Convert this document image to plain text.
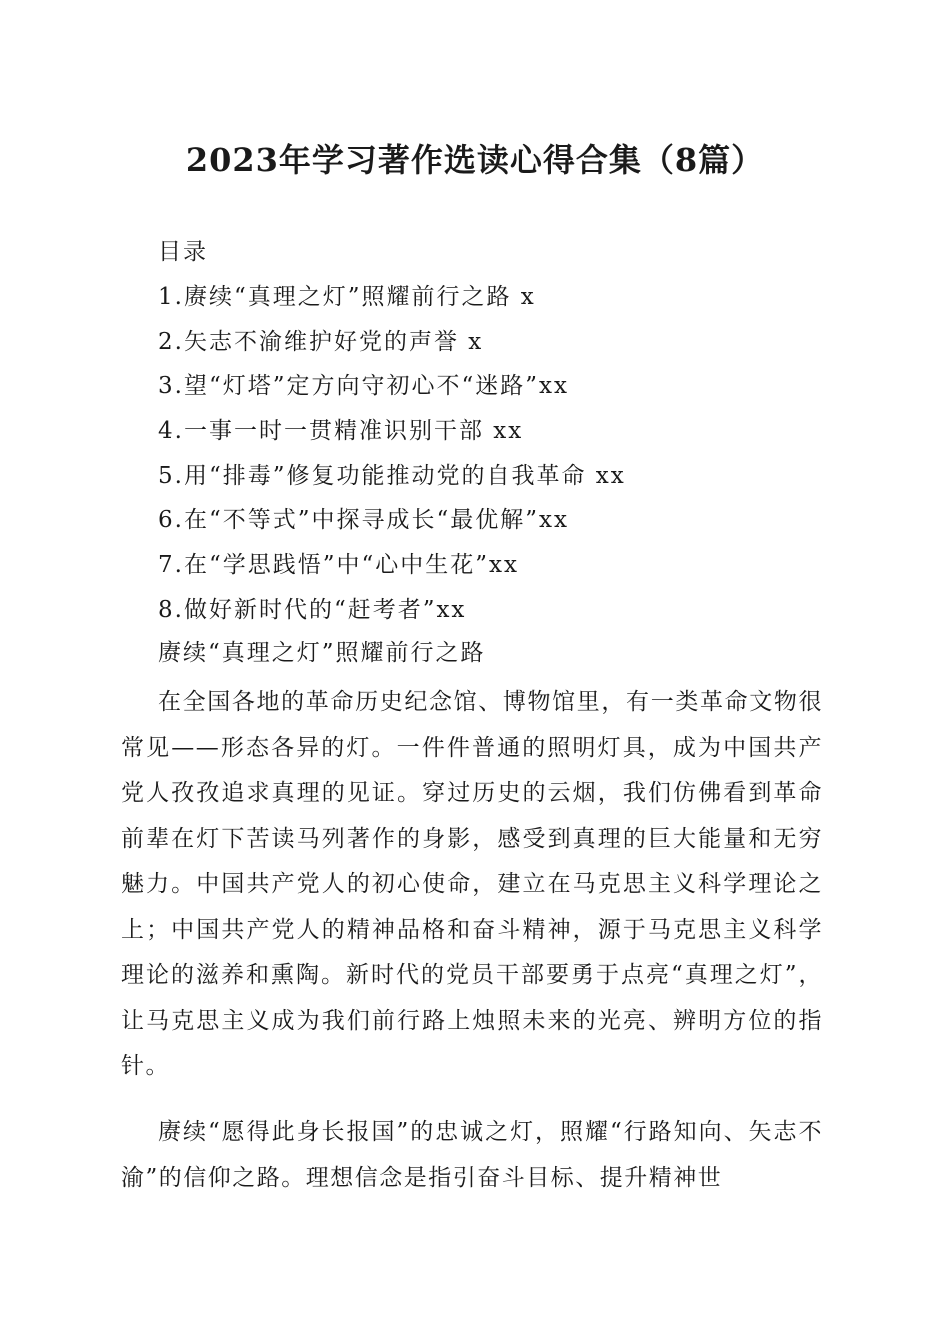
2023年学习著作选读心得合集（8篇）
目录
1.赓续“真理之灯”照耀前行之路 x
2.矢志不渝维护好党的声誉 x
3.望“灯塔”定方向守初心不“迷路”xx
4.一事一时一贯精准识别干部 xx
5.用“排毒”修复功能推动党的自我革命 xx
6.在“不等式”中探寻成长“最优解”xx
7.在“学思践悟”中“心中生花”xx
8.做好新时代的“赶考者”xx
赓续“真理之灯”照耀前行之路

在全国各地的革命历史纪念馆、博物馆里，有一类革命文物很常见——形态各异的灯。一件件普通的照明灯具，成为中国共产党人孜孜追求真理的见证。穿过历史的云烟，我们仿佛看到革命前辈在灯下苦读马列著作的身影，感受到真理的巨大能量和无穷魅力。中国共产党人的初心使命，建立在马克思主义科学理论之上；中国共产党人的精神品格和奋斗精神，源于马克思主义科学理论的滋养和熏陶。新时代的党员干部要勇于点亮“真理之灯”，让马克思主义成为我们前行路上烛照未来的光亮、辨明方位的指针。

赓续“愿得此身长报国”的忠诚之灯，照耀“行路知向、矢志不渝”的信仰之路。理想信念是指引奋斗目标、提升精神世
